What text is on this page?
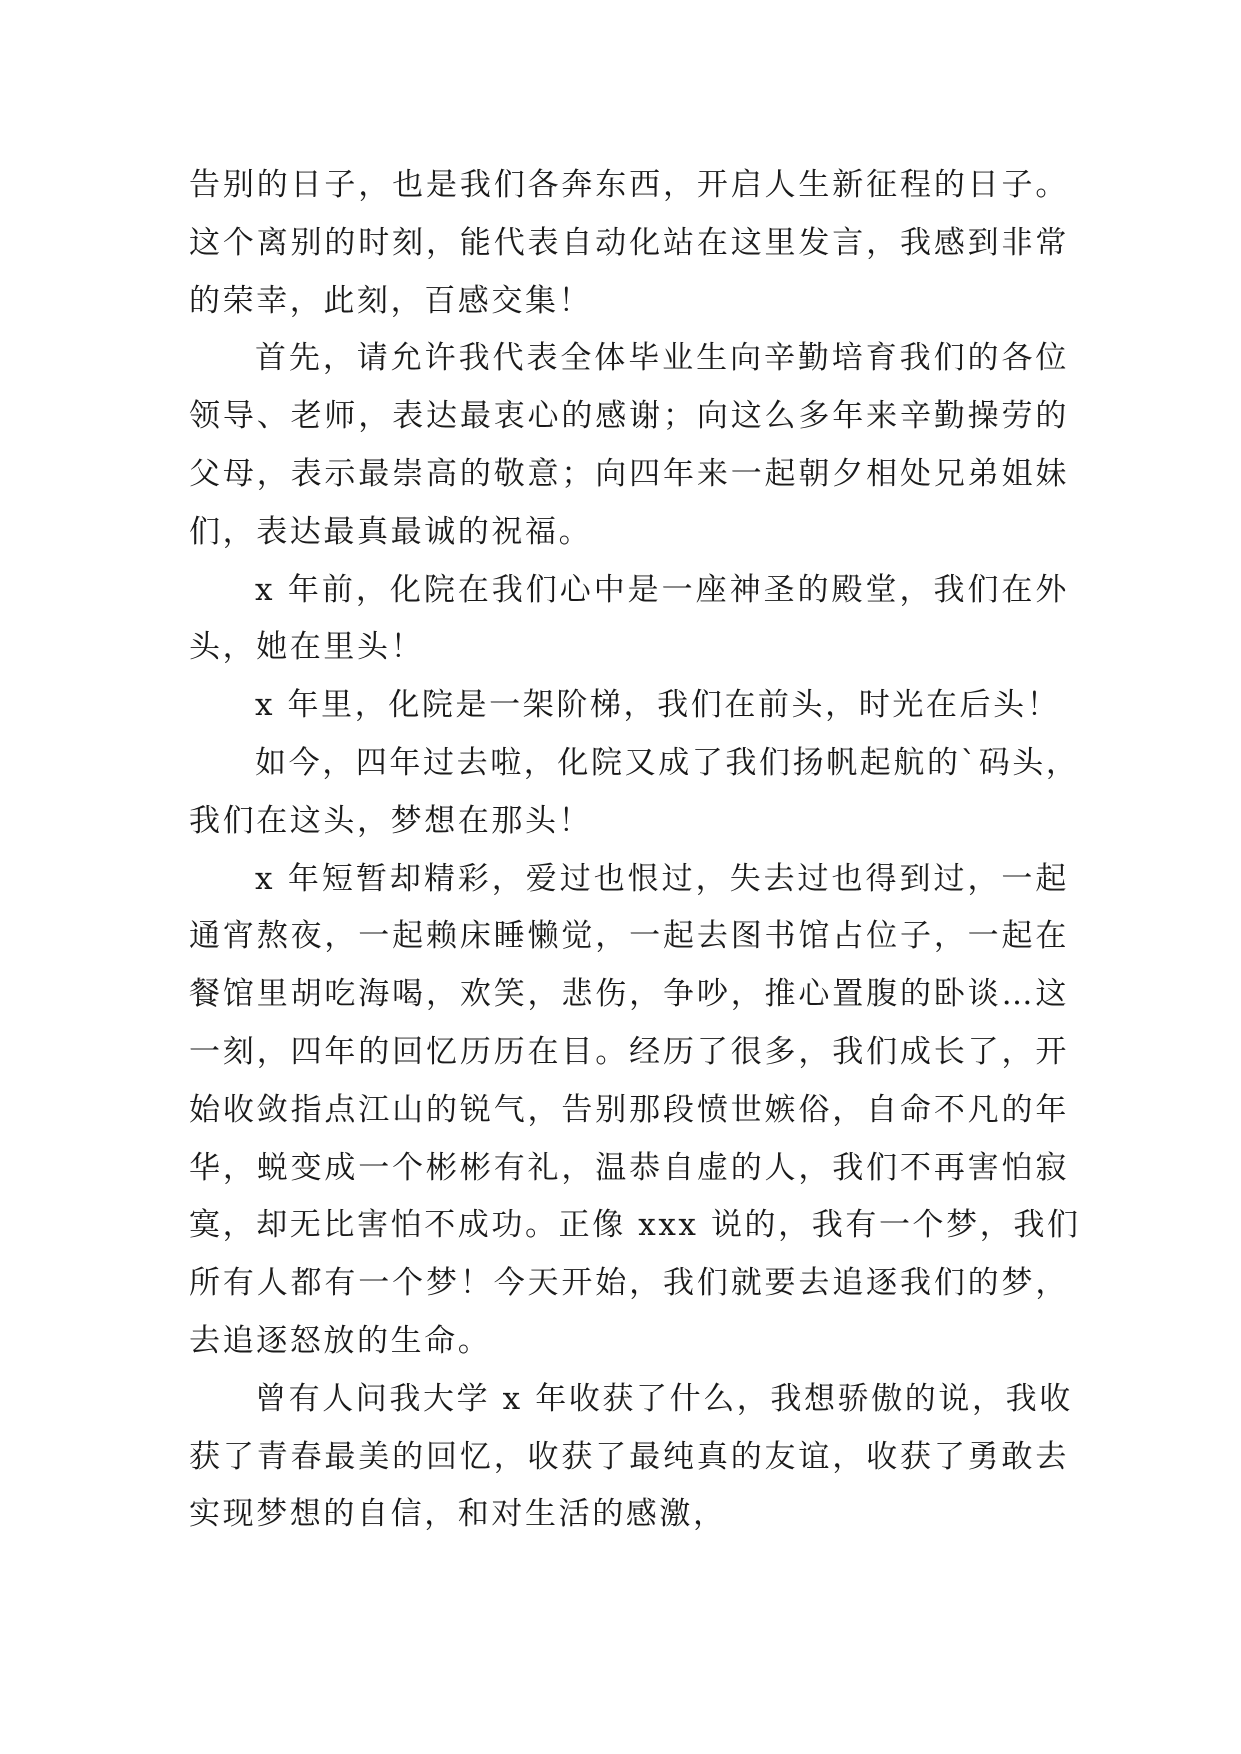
告别的日子，也是我们各奔东西，开启人生新征程的日子。
这个离别的时刻，能代表自动化站在这里发言，我感到非常
的荣幸，此刻，百感交集！
首先，请允许我代表全体毕业生向辛勤培育我们的各位
领导、老师，表达最衷心的感谢；向这么多年来辛勤操劳的
父母，表示最崇高的敬意；向四年来一起朝夕相处兄弟姐妹
们，表达最真最诚的祝福。
x 年前，化院在我们心中是一座神圣的殿堂，我们在外
头，她在里头！
x 年里，化院是一架阶梯，我们在前头，时光在后头！
如今，四年过去啦，化院又成了我们扬帆起航的`码头，
我们在这头，梦想在那头！
x 年短暂却精彩，爱过也恨过，失去过也得到过，一起
通宵熬夜，一起赖床睡懒觉，一起去图书馆占位子，一起在
餐馆里胡吃海喝，欢笑，悲伤，争吵，推心置腹的卧谈…这
一刻，四年的回忆历历在目。经历了很多，我们成长了，开
始收敛指点江山的锐气，告别那段愤世嫉俗，自命不凡的年
华，蜕变成一个彬彬有礼，温恭自虚的人，我们不再害怕寂
寞，却无比害怕不成功。正像 xxx 说的，我有一个梦，我们
所有人都有一个梦！今天开始，我们就要去追逐我们的梦，
去追逐怒放的生命。
曾有人问我大学 x 年收获了什么，我想骄傲的说，我收
获了青春最美的回忆，收获了最纯真的友谊，收获了勇敢去
实现梦想的自信，和对生活的感激，
